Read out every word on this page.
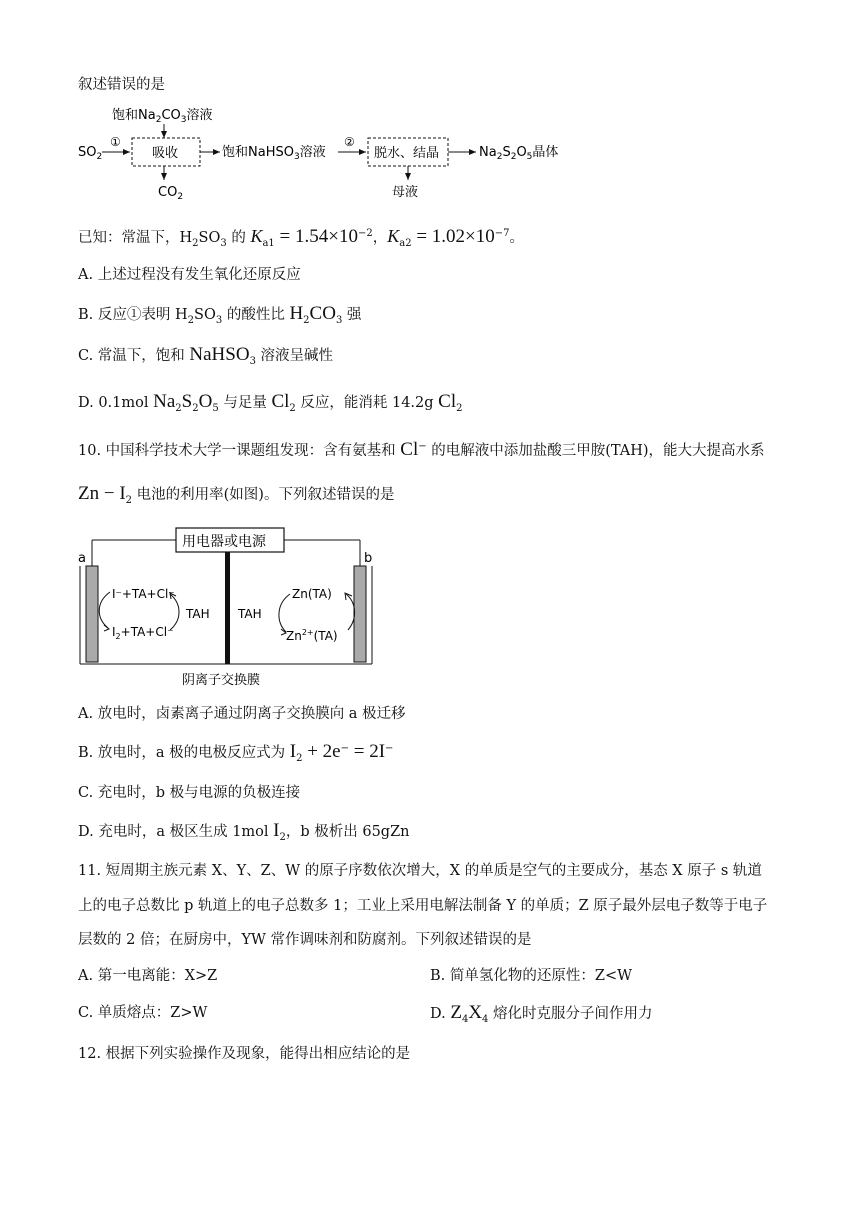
叙述错误的是
饱和$Na_2CO_3$溶液
$SO_2$
①
吸收
$CO_2$
饱和NaHSO$_3$溶液
②
脱水、结晶
母液
$Na_2S_2O_5$晶体
已知：常温下，$H_2SO_3$ 的 $K_{a1} = 1.54\times 10^{-2}$，$K_{a2} = 1.02\times 10^{-7}$。
A. 上述过程没有发生氧化还原反应
B. 反应①表明 $H_2SO_3$ 的酸性比 $H_2CO_3$ 强
C. 常温下，饱和 NaHSO$_3$ 溶液呈碱性
D. 0.1mol $Na_2S_2O_5$ 与足量 $Cl_2$ 反应，能消耗 14.2g $Cl_2$
10. 中国科学技术大学一课题组发现：含有氨基和 Cl− 的电解液中添加盐酸三甲胺(TAH)，能大大提高水系
$Zn - I_2$ 电池的利用率(如图)。下列叙述错误的是
用电器或电源
a	b
I⁻+TA+Cl⁻
$I_2+TA+Cl^-$
TAH TAH
Zn(TA)
$Zn^{2+}(TA)$
阴离子交换膜
A. 放电时，卤素离子通过阴离子交换膜向 a 极迁移
B. 放电时，a 极的电极反应式为 $I_2 + 2e^- = 2I^-$
C. 充电时，b 极与电源的负极连接
D. 充电时，a 极区生成 1mol $I_2$，b 极析出 65gZn
11. 短周期主族元素 X、Y、Z、W 的原子序数依次增大，X 的单质是空气的主要成分，基态 X 原子 s 轨道
上的电子总数比 p 轨道上的电子总数多 1；工业上采用电解法制备 Y 的单质；Z 原子最外层电子数等于电子
层数的 2 倍；在厨房中，YW 常作调味剂和防腐剂。下列叙述错误的是
A. 第一电离能：X>Z	B. 简单氢化物的还原性：Z<W
C. 单质熔点：Z>W	D. $Z_4X_4$ 熔化时克服分子间作用力
12. 根据下列实验操作及现象，能得出相应结论的是
